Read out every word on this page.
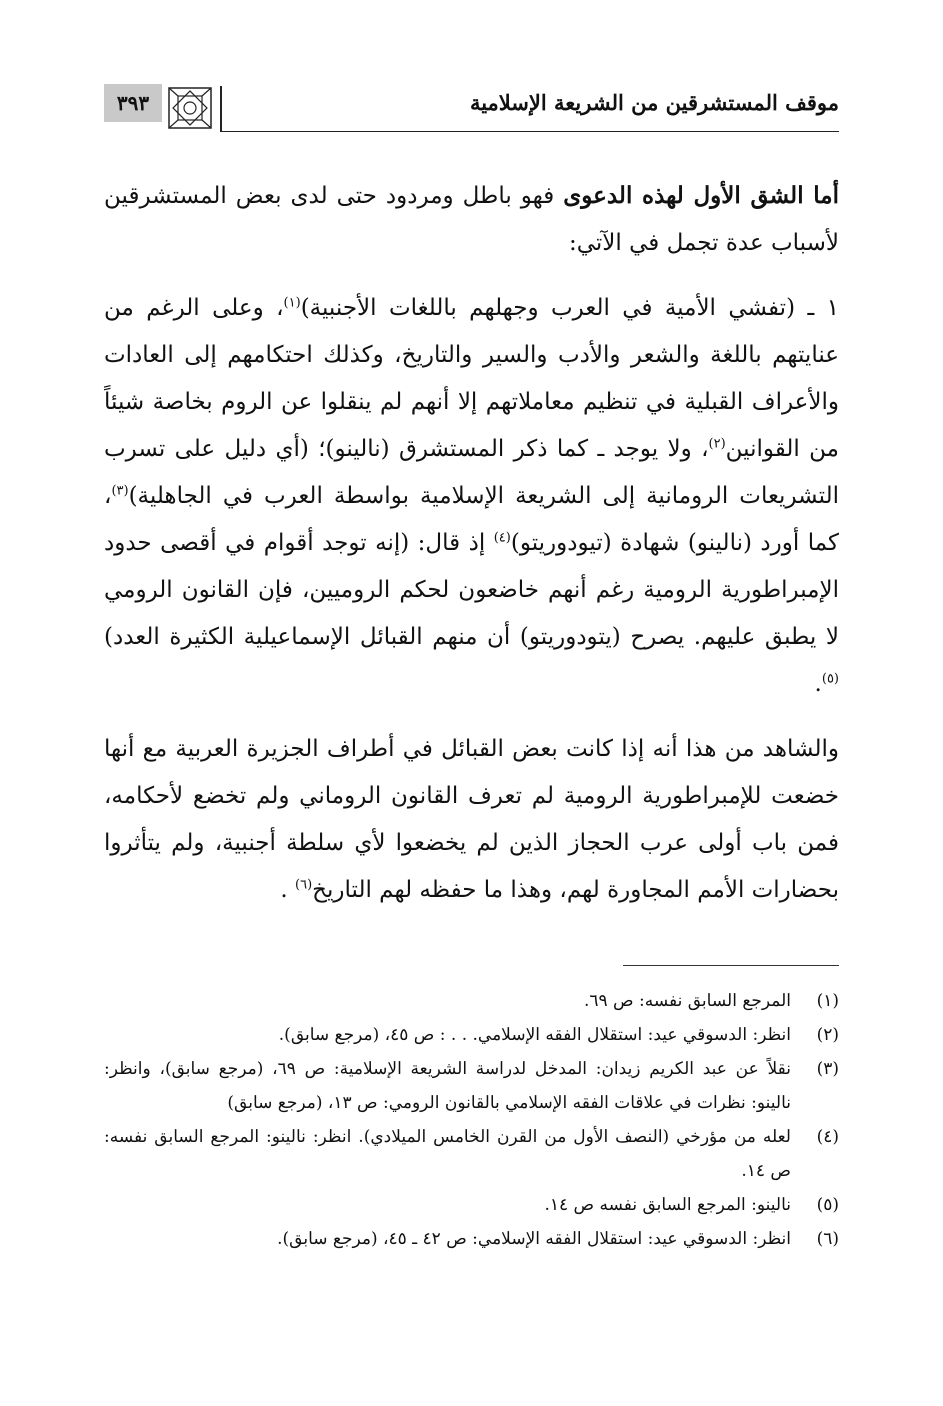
موقف المستشرقين من الشريعة الإسلامية
٣٩٣

أما الشق الأول لهذه الدعوى فهو باطل ومردود حتى لدى بعض المستشرقين لأسباب عدة تجمل في الآتي:

١ ـ (تفشي الأمية في العرب وجهلهم باللغات الأجنبية)$^{(١)}$، وعلى الرغم من عنايتهم باللغة والشعر والأدب والسير والتاريخ، وكذلك احتكامهم إلى العادات والأعراف القبلية في تنظيم معاملاتهم إلا أنهم لم ينقلوا عن الروم بخاصة شيئاً من القوانين$^{(٢)}$، ولا يوجد ـ كما ذكر المستشرق (نالينو)؛ (أي دليل على تسرب التشريعات الرومانية إلى الشريعة الإسلامية بواسطة العرب في الجاهلية)$^{(٣)}$، كما أورد (نالينو) شهادة (تيودوريتو)$^{(٤)}$ إذ قال: (إنه توجد أقوام في أقصى حدود الإمبراطورية الرومية رغم أنهم خاضعون لحكم الروميين، فإن القانون الرومي لا يطبق عليهم. يصرح (يتودوريتو) أن منهم القبائل الإسماعيلية الكثيرة العدد)$^{(٥)}$.

والشاهد من هذا أنه إذا كانت بعض القبائل في أطراف الجزيرة العربية مع أنها خضعت للإمبراطورية الرومية لم تعرف القانون الروماني ولم تخضع لأحكامه، فمن باب أولى عرب الحجاز الذين لم يخضعوا لأي سلطة أجنبية، ولم يتأثروا بحضارات الأمم المجاورة لهم، وهذا ما حفظه لهم التاريخ$^{(٦)}$ .

(١)
المرجع السابق نفسه: ص ٦٩.
(٢)
انظر: الدسوقي عيد: استقلال الفقه الإسلامي. . . : ص ٤٥، (مرجع سابق).
(٣)
نقلاً عن عبد الكريم زيدان: المدخل لدراسة الشريعة الإسلامية: ص ٦٩، (مرجع سابق)، وانظر: نالينو: نظرات في علاقات الفقه الإسلامي بالقانون الرومي: ص ١٣، (مرجع سابق)
(٤)
لعله من مؤرخي (النصف الأول من القرن الخامس الميلادي). انظر: نالينو: المرجع السابق نفسه: ص ١٤.
(٥)
نالينو: المرجع السابق نفسه ص ١٤.
(٦)
انظر: الدسوقي عيد: استقلال الفقه الإسلامي: ص ٤٢ ـ ٤٥، (مرجع سابق).
